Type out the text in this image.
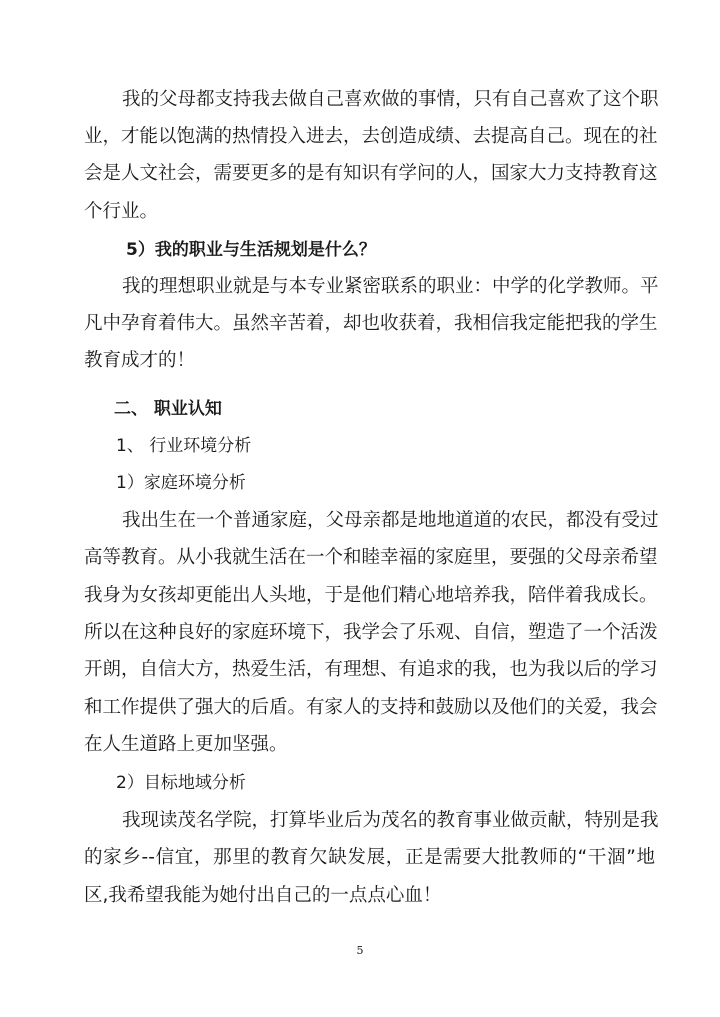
我的父母都支持我去做自己喜欢做的事情，只有自己喜欢了这个职
业，才能以饱满的热情投入进去，去创造成绩、去提高自己。现在的社
会是人文社会，需要更多的是有知识有学问的人，国家大力支持教育这
个行业。
5）我的职业与生活规划是什么？
我的理想职业就是与本专业紧密联系的职业：中学的化学教师。平
凡中孕育着伟大。虽然辛苦着，却也收获着，我相信我定能把我的学生
教育成才的！
二、 职业认知
1、 行业环境分析
1）家庭环境分析
我出生在一个普通家庭，父母亲都是地地道道的农民，都没有受过
高等教育。从小我就生活在一个和睦幸福的家庭里，要强的父母亲希望
我身为女孩却更能出人头地，于是他们精心地培养我，陪伴着我成长。
所以在这种良好的家庭环境下，我学会了乐观、自信，塑造了一个活泼
开朗，自信大方，热爱生活，有理想、有追求的我，也为我以后的学习
和工作提供了强大的后盾。有家人的支持和鼓励以及他们的关爱，我会
在人生道路上更加坚强。
2）目标地域分析
我现读茂名学院，打算毕业后为茂名的教育事业做贡献，特别是我
的家乡--信宜，那里的教育欠缺发展，正是需要大批教师的“干涸”地
区,我希望我能为她付出自己的一点点心血！
5
